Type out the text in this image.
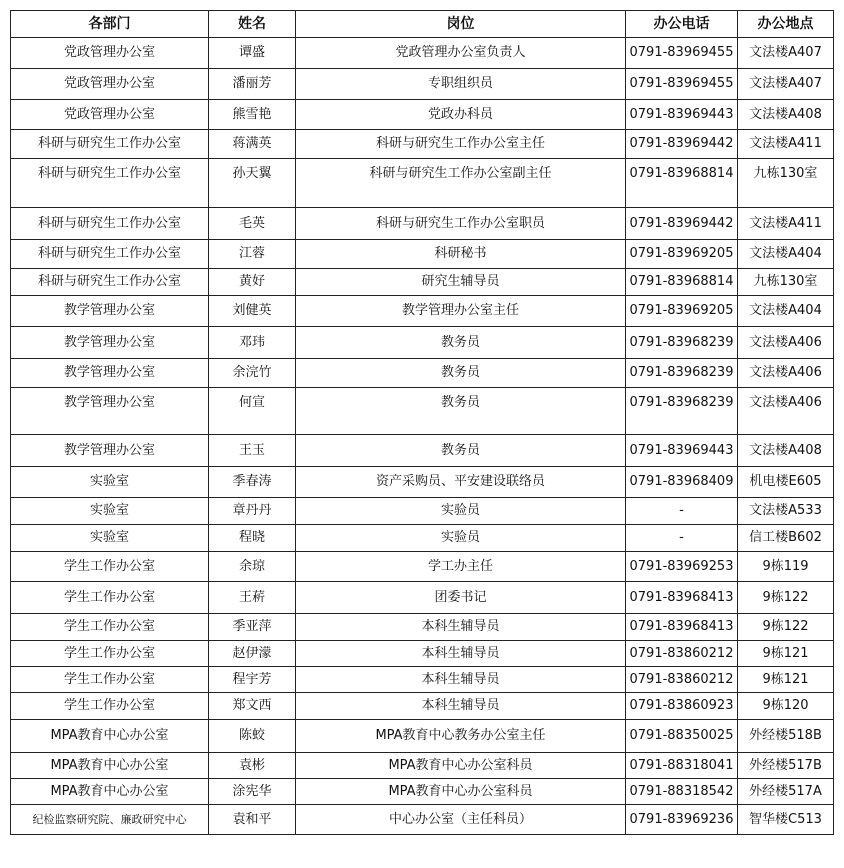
各部门	姓名	岗位	办公电话	办公地点
党政管理办公室	谭盛	党政管理办公室负责人	0791-83969455	文法楼A407
党政管理办公室	潘丽芳	专职组织员	0791-83969455	文法楼A407
党政管理办公室	熊雪艳	党政办科员	0791-83969443	文法楼A408
科研与研究生工作办公室	蒋满英	科研与研究生工作办公室主任	0791-83969442	文法楼A411
科研与研究生工作办公室	孙天翼	科研与研究生工作办公室副主任	0791-83968814	九栋130室
科研与研究生工作办公室	毛英	科研与研究生工作办公室职员	0791-83969442	文法楼A411
科研与研究生工作办公室	江蓉	科研秘书	0791-83969205	文法楼A404
科研与研究生工作办公室	黄好	研究生辅导员	0791-83968814	九栋130室
教学管理办公室	刘健英	教学管理办公室主任	0791-83969205	文法楼A404
教学管理办公室	邓玮	教务员	0791-83968239	文法楼A406
教学管理办公室	余浣竹	教务员	0791-83968239	文法楼A406
教学管理办公室	何宣	教务员	0791-83968239	文法楼A406
教学管理办公室	王玉	教务员	0791-83969443	文法楼A408
实验室	季春涛	资产采购员、平安建设联络员	0791-83968409	机电楼E605
实验室	章丹丹	实验员	-	文法楼A533
实验室	程晓	实验员	-	信工楼B602
学生工作办公室	余琼	学工办主任	0791-83969253	9栋119
学生工作办公室	王菥	团委书记	0791-83968413	9栋122
学生工作办公室	季亚萍	本科生辅导员	0791-83968413	9栋122
学生工作办公室	赵伊濛	本科生辅导员	0791-83860212	9栋121
学生工作办公室	程宇芳	本科生辅导员	0791-83860212	9栋121
学生工作办公室	郑文西	本科生辅导员	0791-83860923	9栋120
MPA教育中心办公室	陈蛟	MPA教育中心教务办公室主任	0791-88350025	外经楼518B
MPA教育中心办公室	袁彬	MPA教育中心办公室科员	0791-88318041	外经楼517B
MPA教育中心办公室	涂宪华	MPA教育中心办公室科员	0791-88318542	外经楼517A
纪检监察研究院、廉政研究中心	袁和平	中心办公室（主任科员）	0791-83969236	智华楼C513
